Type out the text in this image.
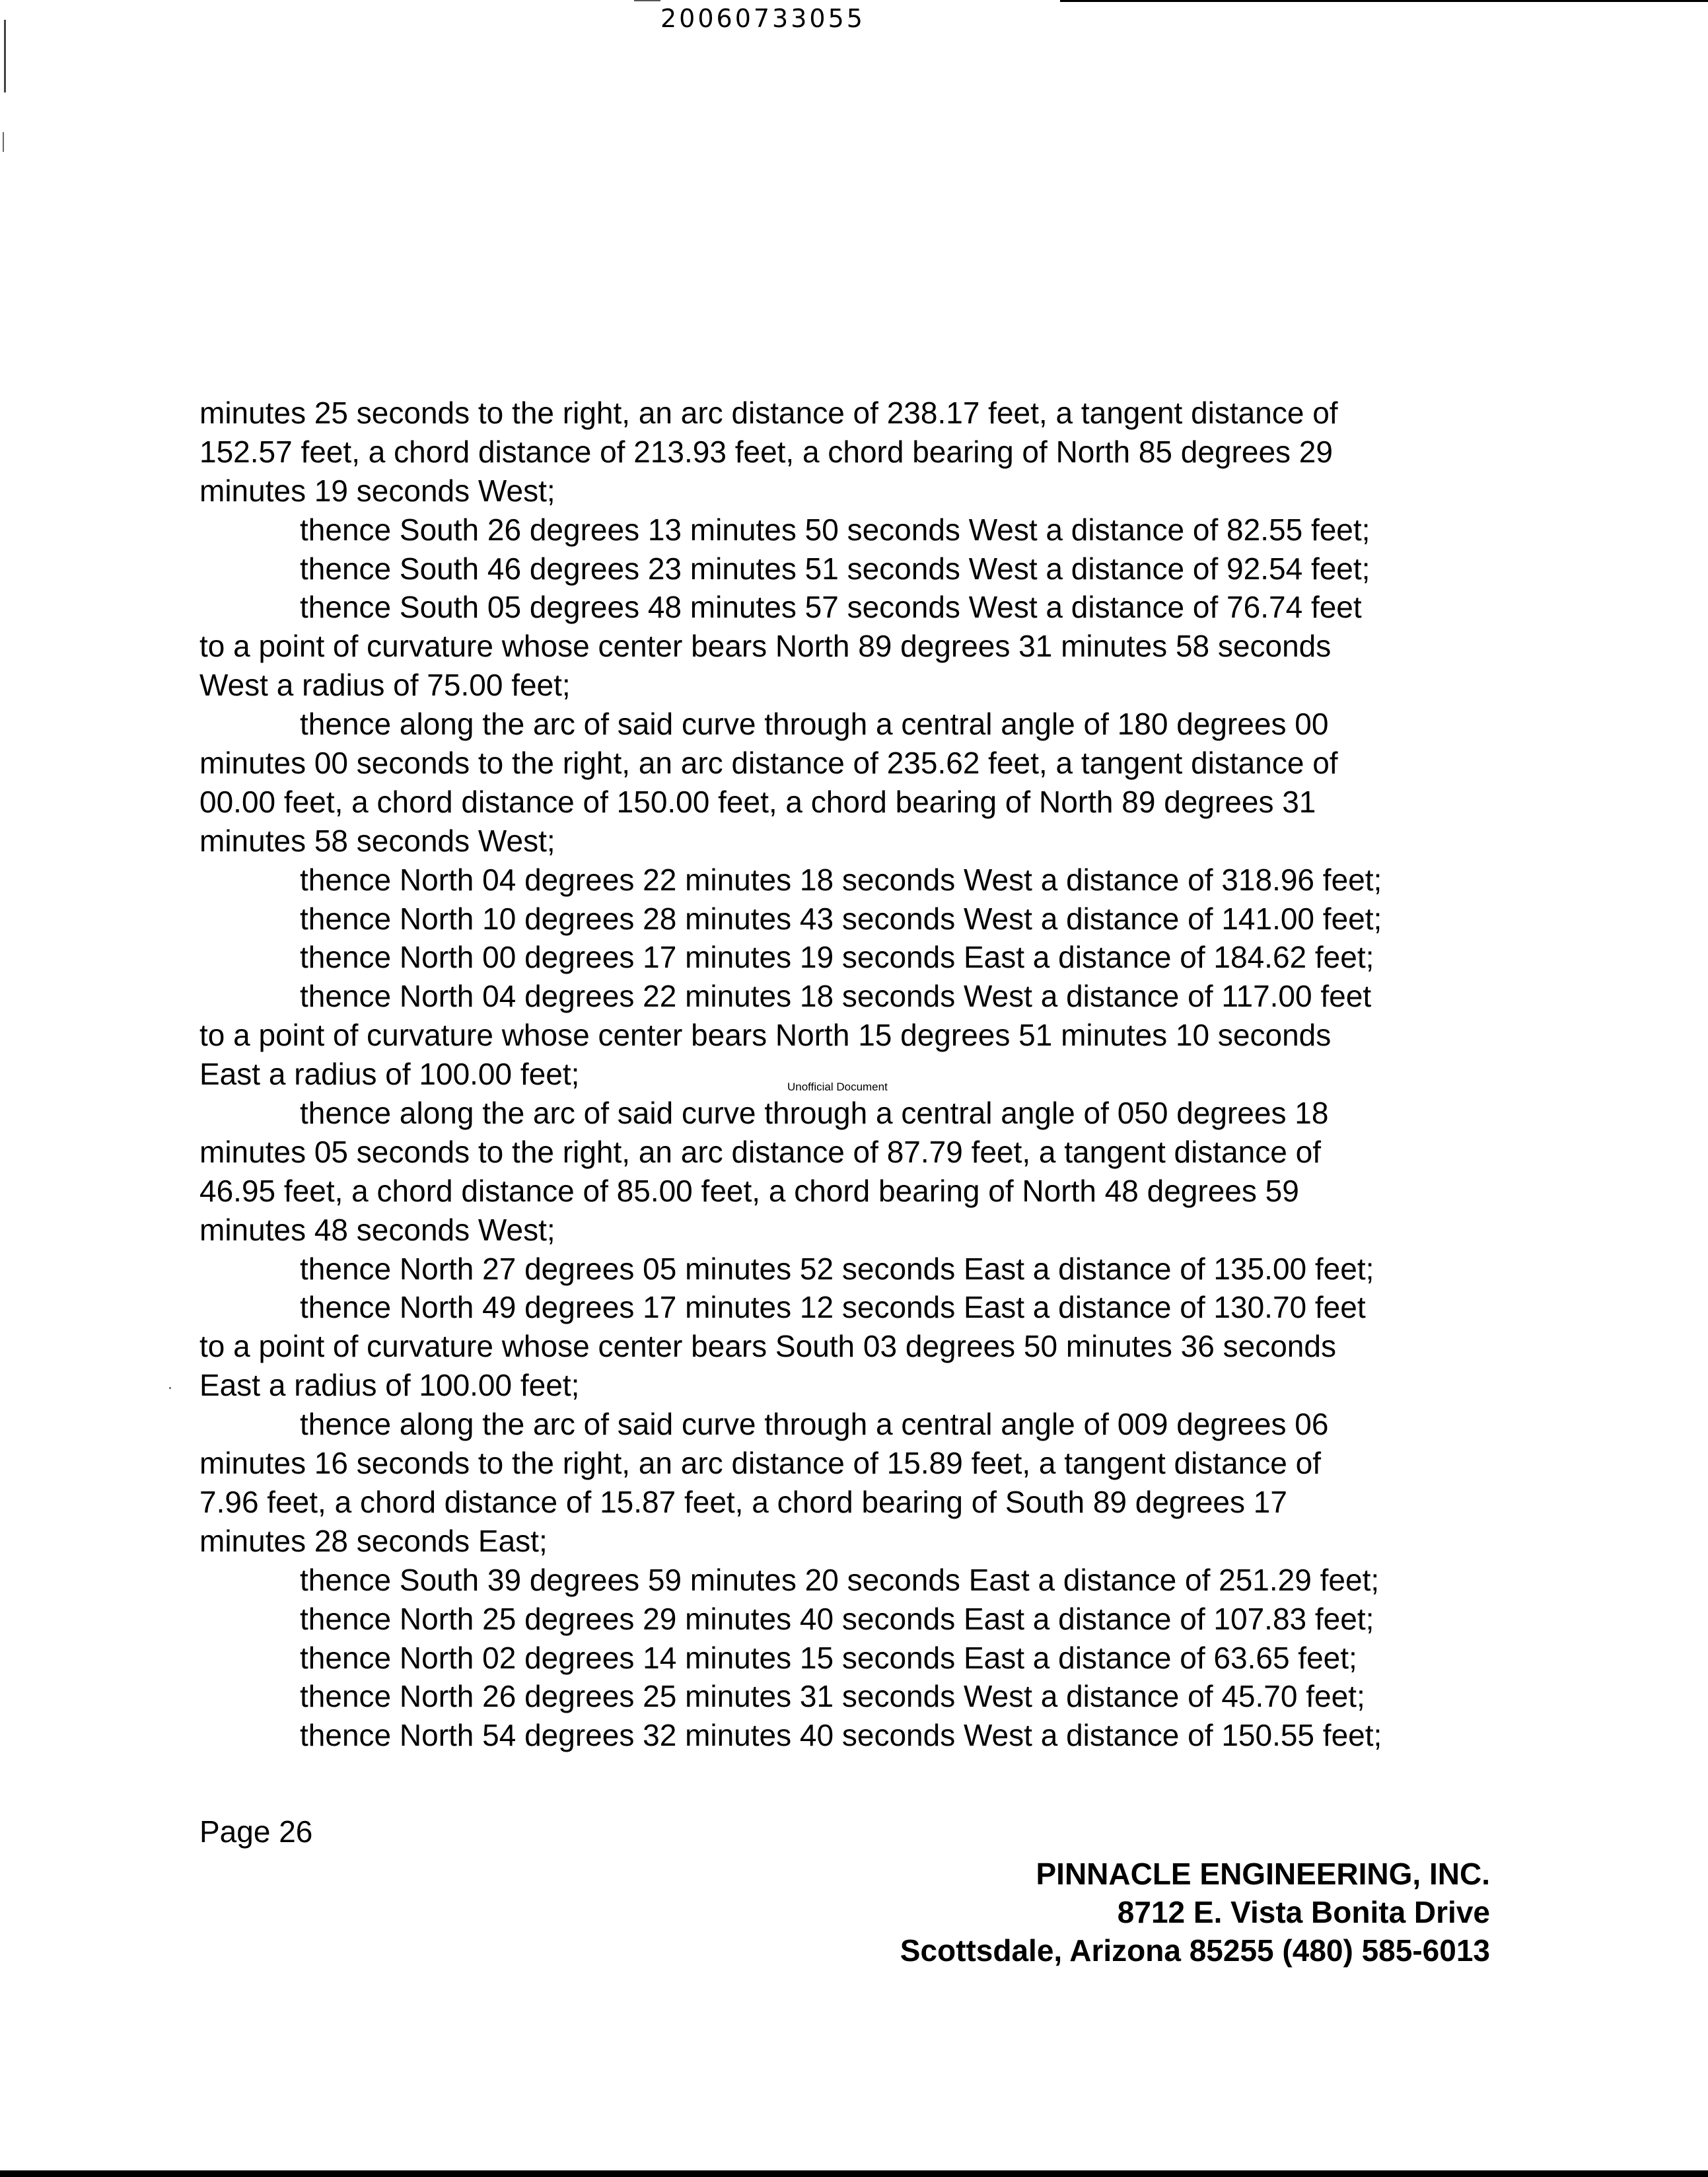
20060733055
minutes 25 seconds to the right, an arc distance of 238.17 feet, a tangent distance of
152.57 feet, a chord distance of 213.93 feet, a chord bearing of North 85 degrees 29
minutes 19 seconds West;
thence South 26 degrees 13 minutes 50 seconds West a distance of 82.55 feet;
thence South 46 degrees 23 minutes 51 seconds West a distance of 92.54 feet;
thence South 05 degrees 48 minutes 57 seconds West a distance of 76.74 feet
to a point of curvature whose center bears North 89 degrees 31 minutes 58 seconds
West a radius of 75.00 feet;
thence along the arc of said curve through a central angle of 180 degrees 00
minutes 00 seconds to the right, an arc distance of 235.62 feet, a tangent distance of
00.00 feet, a chord distance of 150.00 feet, a chord bearing of North 89 degrees 31
minutes 58 seconds West;
thence North 04 degrees 22 minutes 18 seconds West a distance of 318.96 feet;
thence North 10 degrees 28 minutes 43 seconds West a distance of 141.00 feet;
thence North 00 degrees 17 minutes 19 seconds East a distance of 184.62 feet;
thence North 04 degrees 22 minutes 18 seconds West a distance of 117.00 feet
to a point of curvature whose center bears North 15 degrees 51 minutes 10 seconds
East a radius of 100.00 feet;
thence along the arc of said curve through a central angle of 050 degrees 18
minutes 05 seconds to the right, an arc distance of 87.79 feet, a tangent distance of
46.95 feet, a chord distance of 85.00 feet, a chord bearing of North 48 degrees 59
minutes 48 seconds West;
thence North 27 degrees 05 minutes 52 seconds East a distance of 135.00 feet;
thence North 49 degrees 17 minutes 12 seconds East a distance of 130.70 feet
to a point of curvature whose center bears South 03 degrees 50 minutes 36 seconds
East a radius of 100.00 feet;
thence along the arc of said curve through a central angle of 009 degrees 06
minutes 16 seconds to the right, an arc distance of 15.89 feet, a tangent distance of
7.96 feet, a chord distance of 15.87 feet, a chord bearing of South 89 degrees 17
minutes 28 seconds East;
thence South 39 degrees 59 minutes 20 seconds East a distance of 251.29 feet;
thence North 25 degrees 29 minutes 40 seconds East a distance of 107.83 feet;
thence North 02 degrees 14 minutes 15 seconds East a distance of 63.65 feet;
thence North 26 degrees 25 minutes 31 seconds West a distance of 45.70 feet;
thence North 54 degrees 32 minutes 40 seconds West a distance of 150.55 feet;
Unofficial Document
Page 26
PINNACLE ENGINEERING, INC.
8712 E. Vista Bonita Drive
Scottsdale, Arizona 85255 (480) 585-6013
